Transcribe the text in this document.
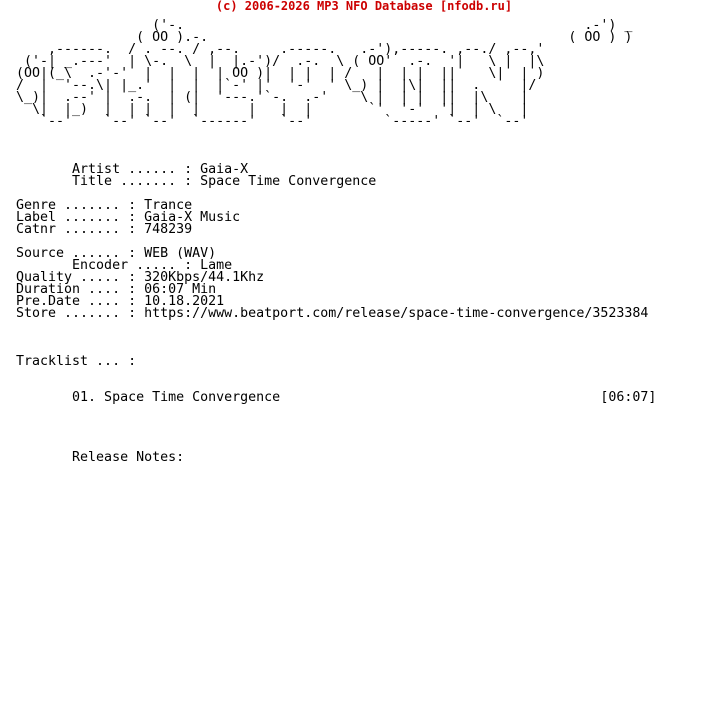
(c) 2006-2026 MP3 NFO Database [nfodb.ru]
('-.                                                  .-') _
( OO ).-.                                             ( OO ) )
,------.  / . --. / ,--.     .-----.   .-'),-----. ,--./ ,--,'
('-| _.---'  | \-.  \  |  |.-')/  .-.  \ ( OO'  .-.  '|   \ |  |\
(OO|(_\  .-'-'  |  |  |  | OO )|  | |  | /   |  | |  ||    \|  | )
/  |  '--.\| |_.'  |  |  |`-' |'  '-'  ' \_) |  |\|  ||  .     |/
\_)|  .--' |  .-.  | (|  '---.'`-.  .-'    \ |  | |  ||  |\    |
\|  |_)  |  | |  |  |      |   |  |       `'  '-'  '|  | \   |
`--'    `--' `--'  `------'   `--'         `-----' `--'  `--'

Artist ...... : Gaia-X
Title ....... : Space Time Convergence

Genre ....... : Trance
Label ....... : Gaia-X Music
Catnr ....... : 748239

Source ...... : WEB (WAV)
Encoder ..... : Lame
Quality ..... : 320Kbps/44.1Khz
Duration .... : 06:07 Min
Pre.Date .... : 10.18.2021
Store ....... : https://www.beatport.com/release/space-time-convergence/3523384

Tracklist ... :

01. Space Time Convergence                                        [06:07]

Release Notes:
